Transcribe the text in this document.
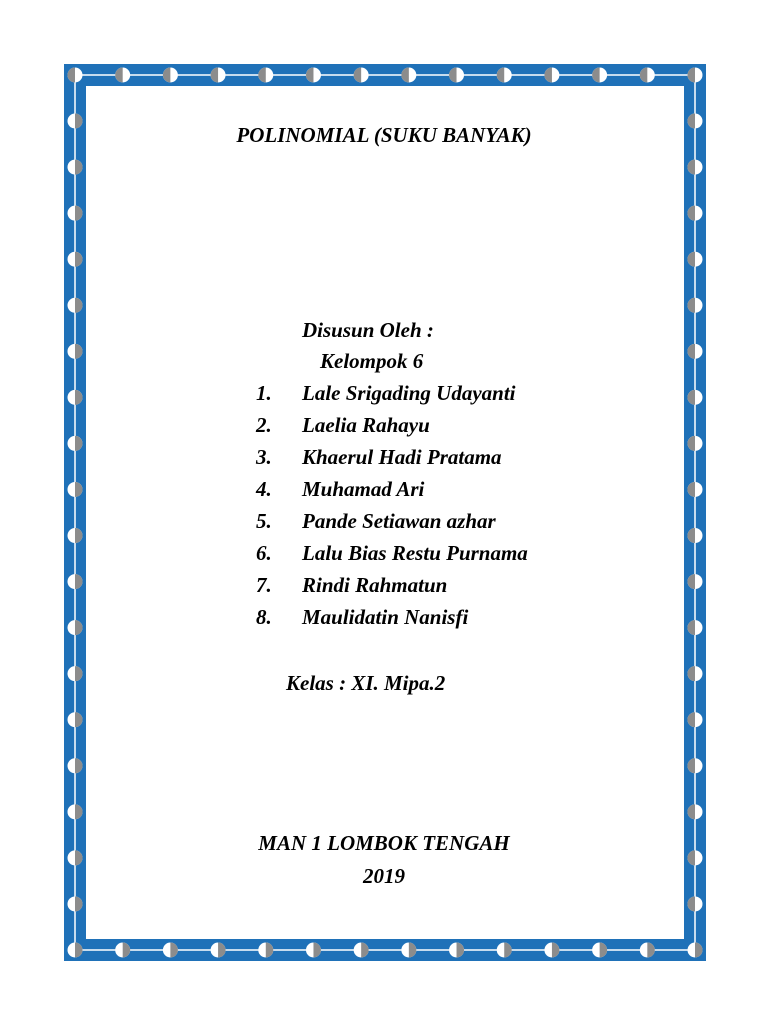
POLINOMIAL (SUKU BANYAK)
Disusun Oleh :
Kelompok 6
1. Lale Srigading Udayanti
2. Laelia Rahayu
3. Khaerul Hadi Pratama
4. Muhamad Ari
5. Pande Setiawan azhar
6. Lalu Bias Restu Purnama
7. Rindi Rahmatun
8. Maulidatin Nanisfi
Kelas : XI. Mipa.2
MAN 1 LOMBOK TENGAH
2019
